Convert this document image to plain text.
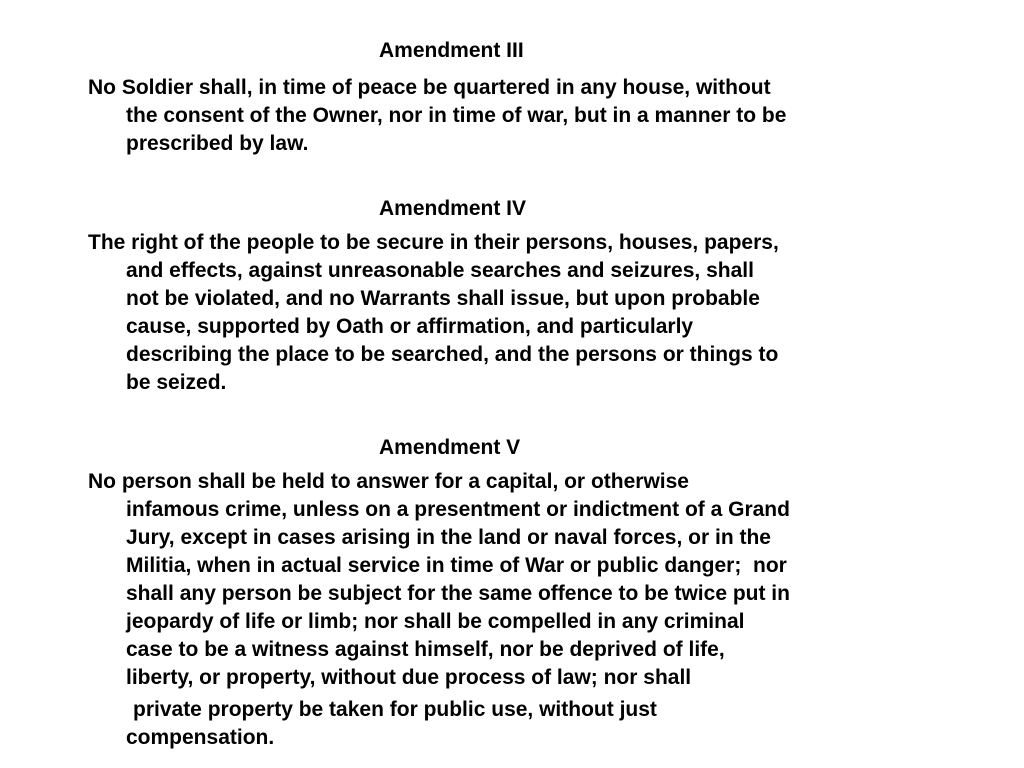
Amendment III
No Soldier shall, in time of peace be quartered in any house, without
the consent of the Owner, nor in time of war, but in a manner to be
prescribed by law.
Amendment IV
The right of the people to be secure in their persons, houses, papers,
and effects, against unreasonable searches and seizures, shall
not be violated, and no Warrants shall issue, but upon probable
cause, supported by Oath or affirmation, and particularly
describing the place to be searched, and the persons or things to
be seized.
Amendment V
No person shall be held to answer for a capital, or otherwise
infamous crime, unless on a presentment or indictment of a Grand
Jury, except in cases arising in the land or naval forces, or in the
Militia, when in actual service in time of War or public danger;  nor
shall any person be subject for the same offence to be twice put in
jeopardy of life or limb; nor shall be compelled in any criminal
case to be a witness against himself, nor be deprived of life,
liberty, or property, without due process of law; nor shall
private property be taken for public use, without just
compensation.
